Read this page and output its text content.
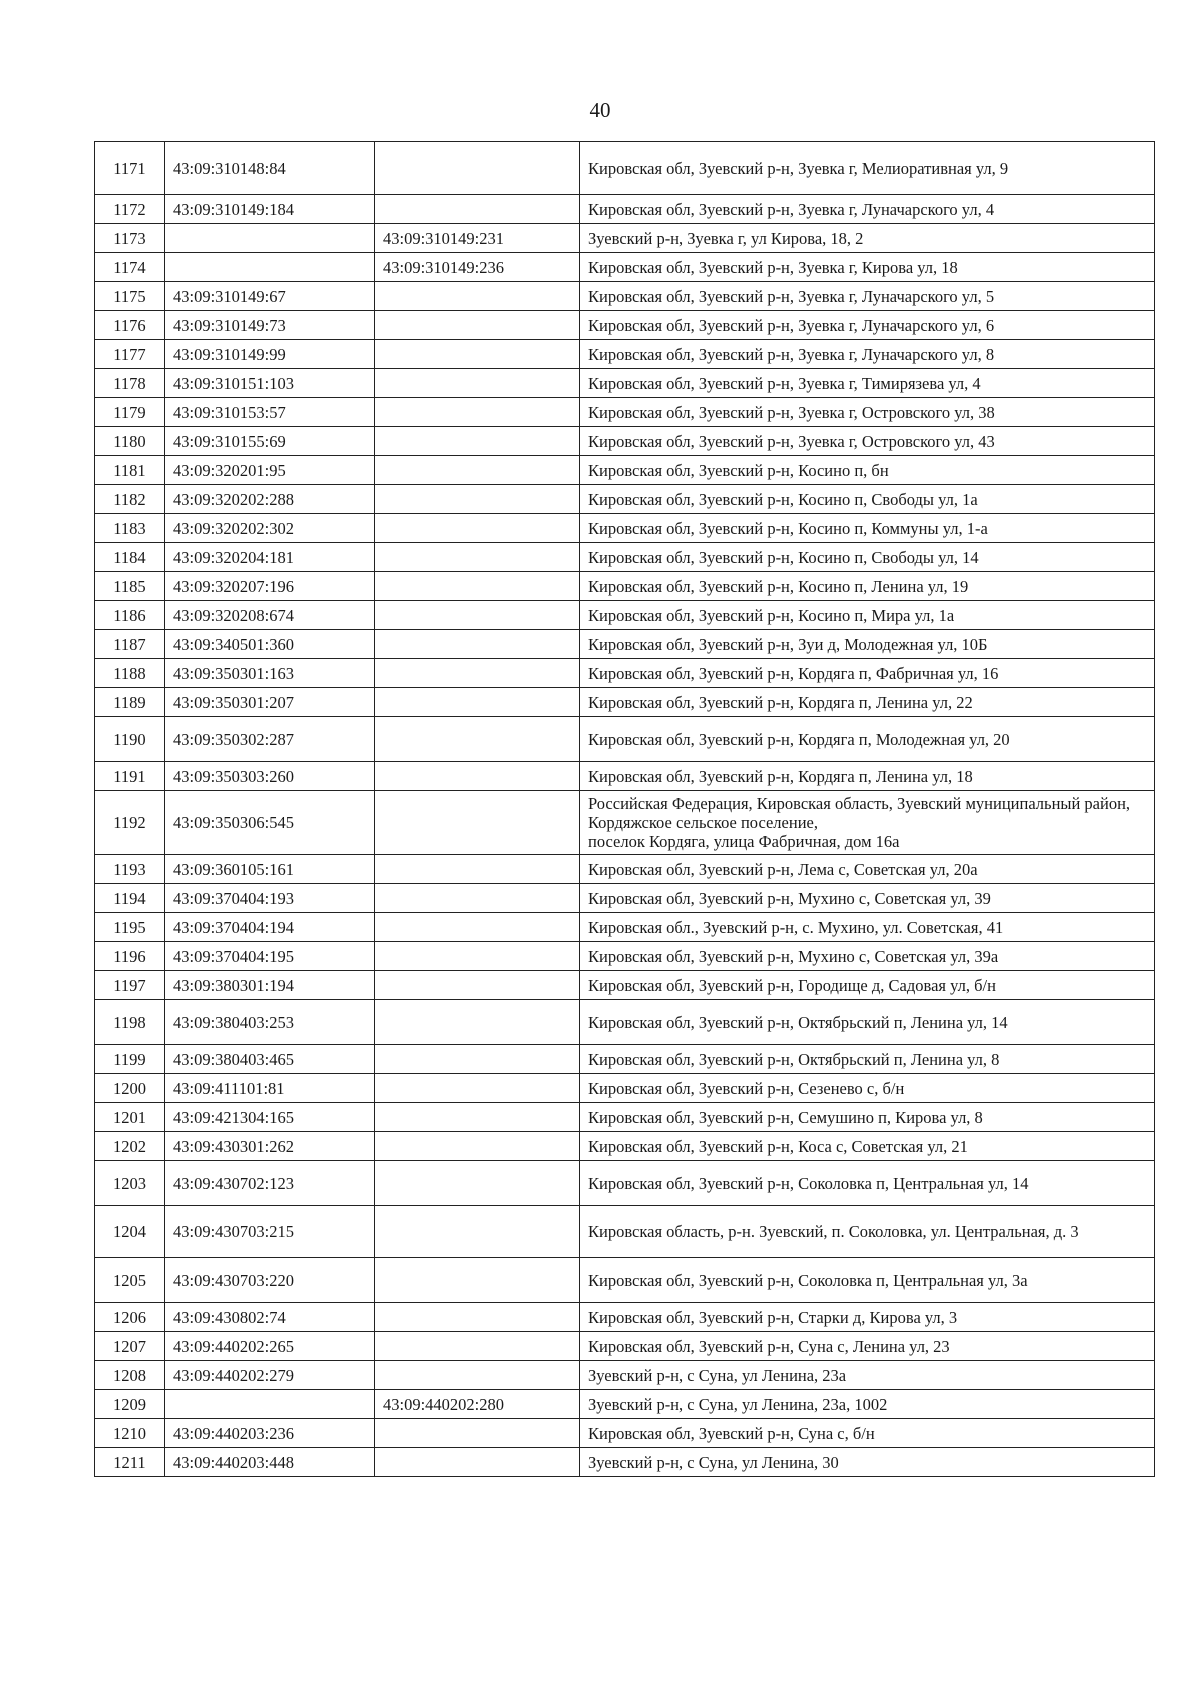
40
1171	43:09:310148:84		Кировская обл, Зуевский р-н, Зуевка г, Мелиоративная ул, 9
1172	43:09:310149:184		Кировская обл, Зуевский р-н, Зуевка г, Луначарского ул, 4
1173		43:09:310149:231	Зуевский р-н, Зуевка г, ул Кирова, 18, 2
1174		43:09:310149:236	Кировская обл, Зуевский р-н, Зуевка г, Кирова ул, 18
1175	43:09:310149:67		Кировская обл, Зуевский р-н, Зуевка г, Луначарского ул, 5
1176	43:09:310149:73		Кировская обл, Зуевский р-н, Зуевка г, Луначарского ул, 6
1177	43:09:310149:99		Кировская обл, Зуевский р-н, Зуевка г, Луначарского ул, 8
1178	43:09:310151:103		Кировская обл, Зуевский р-н, Зуевка г, Тимирязева ул, 4
1179	43:09:310153:57		Кировская обл, Зуевский р-н, Зуевка г, Островского ул, 38
1180	43:09:310155:69		Кировская обл, Зуевский р-н, Зуевка г, Островского ул, 43
1181	43:09:320201:95		Кировская обл, Зуевский р-н, Косино п, бн
1182	43:09:320202:288		Кировская обл, Зуевский р-н, Косино п, Свободы ул, 1а
1183	43:09:320202:302		Кировская обл, Зуевский р-н, Косино п, Коммуны ул, 1-а
1184	43:09:320204:181		Кировская обл, Зуевский р-н, Косино п, Свободы ул, 14
1185	43:09:320207:196		Кировская обл, Зуевский р-н, Косино п, Ленина ул, 19
1186	43:09:320208:674		Кировская обл, Зуевский р-н, Косино п, Мира ул, 1а
1187	43:09:340501:360		Кировская обл, Зуевский р-н, Зуи д, Молодежная ул, 10Б
1188	43:09:350301:163		Кировская обл, Зуевский р-н, Кордяга п, Фабричная ул, 16
1189	43:09:350301:207		Кировская обл, Зуевский р-н, Кордяга п, Ленина ул, 22
1190	43:09:350302:287		Кировская обл, Зуевский р-н, Кордяга п, Молодежная ул, 20
1191	43:09:350303:260		Кировская обл, Зуевский р-н, Кордяга п, Ленина ул, 18
1192	43:09:350306:545		Российская Федерация, Кировская область, Зуевский муниципальный район, Кордяжское сельское поселение,
поселок Кордяга, улица Фабричная, дом 16а
1193	43:09:360105:161		Кировская обл, Зуевский р-н, Лема с, Советская ул, 20а
1194	43:09:370404:193		Кировская обл, Зуевский р-н, Мухино с, Советская ул, 39
1195	43:09:370404:194		Кировская обл., Зуевский р-н, с. Мухино, ул. Советская, 41
1196	43:09:370404:195		Кировская обл, Зуевский р-н, Мухино с, Советская ул, 39а
1197	43:09:380301:194		Кировская обл, Зуевский р-н, Городище д, Садовая ул, б/н
1198	43:09:380403:253		Кировская обл, Зуевский р-н, Октябрьский п, Ленина ул, 14
1199	43:09:380403:465		Кировская обл, Зуевский р-н, Октябрьский п, Ленина ул, 8
1200	43:09:411101:81		Кировская обл, Зуевский р-н, Сезенево с, б/н
1201	43:09:421304:165		Кировская обл, Зуевский р-н, Семушино п, Кирова ул, 8
1202	43:09:430301:262		Кировская обл, Зуевский р-н, Коса с, Советская ул, 21
1203	43:09:430702:123		Кировская обл, Зуевский р-н, Соколовка п, Центральная ул, 14
1204	43:09:430703:215		Кировская область, р-н. Зуевский, п. Соколовка, ул. Центральная, д. 3
1205	43:09:430703:220		Кировская обл, Зуевский р-н, Соколовка п, Центральная ул, 3а
1206	43:09:430802:74		Кировская обл, Зуевский р-н, Старки д, Кирова ул, 3
1207	43:09:440202:265		Кировская обл, Зуевский р-н, Суна с, Ленина ул, 23
1208	43:09:440202:279		Зуевский р-н, с Суна, ул Ленина, 23а
1209		43:09:440202:280	Зуевский р-н, с Суна, ул Ленина, 23а, 1002
1210	43:09:440203:236		Кировская обл, Зуевский р-н, Суна с, б/н
1211	43:09:440203:448		Зуевский р-н, с Суна, ул Ленина, 30
